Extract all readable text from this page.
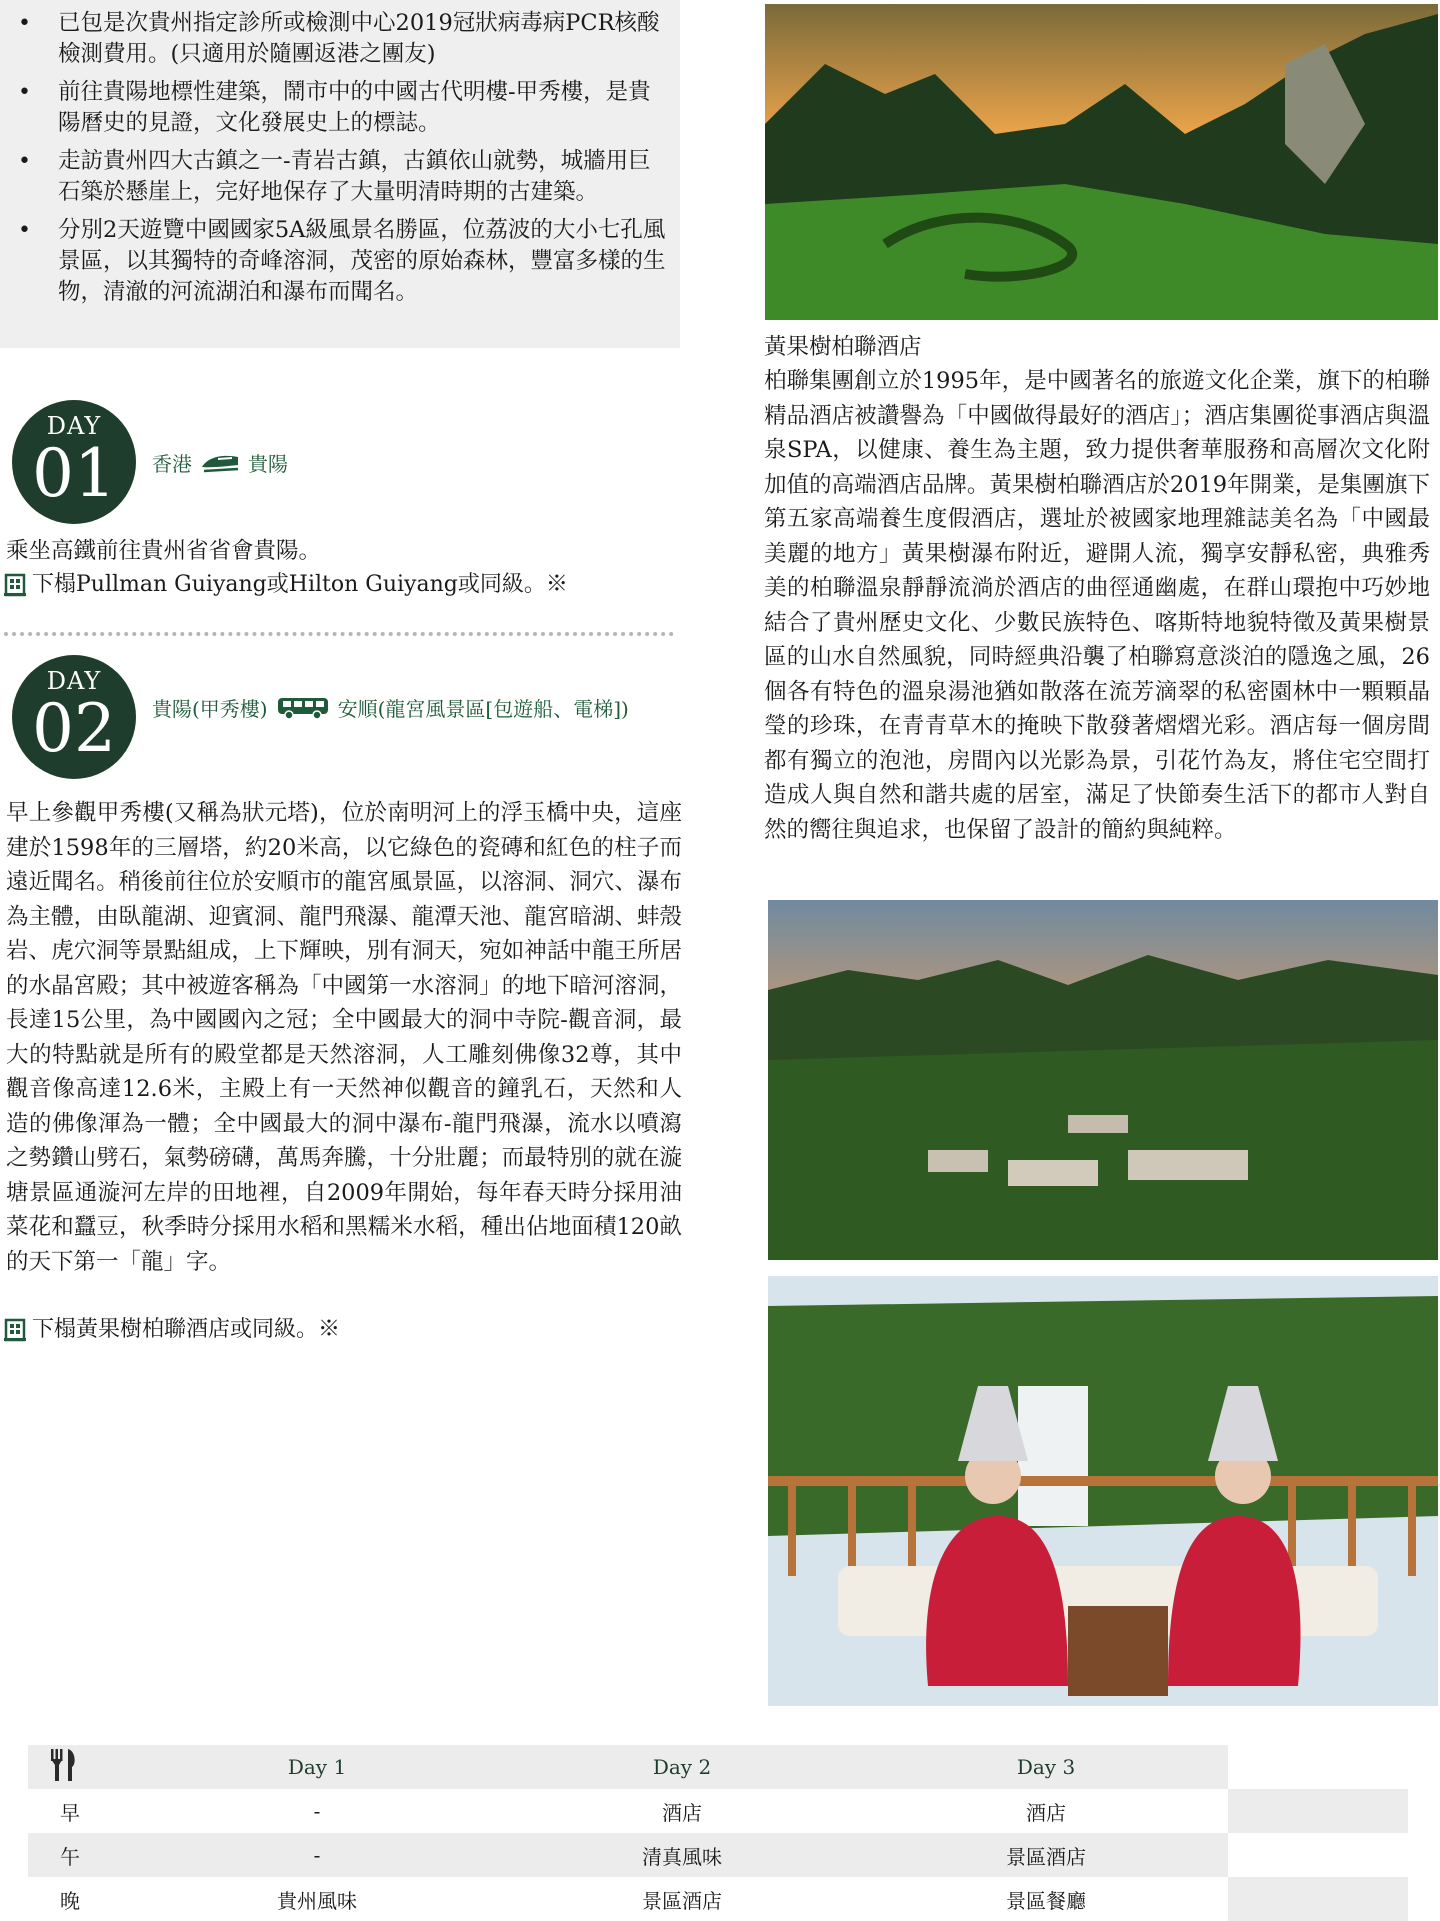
• 已包是次貴州指定診所或檢測中心2019冠狀病毒病PCR核酸檢測費用。(只適用於隨團返港之團友)
• 前往貴陽地標性建築，鬧市中的中國古代明樓-甲秀樓，是貴陽曆史的見證，文化發展史上的標誌。
• 走訪貴州四大古鎮之一-青岩古鎮，古鎮依山就勢，城牆用巨石築於懸崖上，完好地保存了大量明清時期的古建築。
• 分別2天遊覽中國國家5A級風景名勝區，位荔波的大小七孔風景區，以其獨特的奇峰溶洞，茂密的原始森林，豐富多樣的生物，清澈的河流湖泊和瀑布而聞名。
DAY
01	香港	貴陽
乘坐高鐵前往貴州省省會貴陽。
下榻Pullman Guiyang或Hilton Guiyang或同級。※
DAY
02	貴陽(甲秀樓)	安順(龍宮風景區[包遊船、電梯])
早上參觀甲秀樓(又稱為狀元塔)，位於南明河上的浮玉橋中央，這座建於1598年的三層塔，約20米高，以它綠色的瓷磚和紅色的柱子而遠近聞名。稍後前往位於安順市的龍宮風景區，以溶洞、洞穴、瀑布為主體，由臥龍湖、迎賓洞、龍門飛瀑、龍潭天池、龍宮暗湖、蚌殼岩、虎穴洞等景點組成，上下輝映，別有洞天，宛如神話中龍王所居的水晶宮殿；其中被遊客稱為「中國第一水溶洞」的地下暗河溶洞，長達15公里，為中國國內之冠；全中國最大的洞中寺院-觀音洞，最大的特點就是所有的殿堂都是天然溶洞，人工雕刻佛像32尊，其中觀音像高達12.6米，主殿上有一天然神似觀音的鐘乳石，天然和人造的佛像渾為一體；全中國最大的洞中瀑布-龍門飛瀑，流水以噴瀉之勢鑽山劈石，氣勢磅礴，萬馬奔騰，十分壯麗；而最特別的就在漩塘景區通漩河左岸的田地裡，自2009年開始，每年春天時分採用油菜花和蠶豆，秋季時分採用水稻和黑糯米水稻，種出佔地面積120畝的天下第一「龍」字。
下榻黃果樹柏聯酒店或同級。※
黃果樹柏聯酒店
柏聯集團創立於1995年，是中國著名的旅遊文化企業，旗下的柏聯精品酒店被讚譽為「中國做得最好的酒店」；酒店集團從事酒店與溫泉SPA，以健康、養生為主題，致力提供奢華服務和高層次文化附加值的高端酒店品牌。黃果樹柏聯酒店於2019年開業，是集團旗下第五家高端養生度假酒店，選址於被國家地理雜誌美名為「中國最美麗的地方」黃果樹瀑布附近，避開人流，獨享安靜私密，典雅秀美的柏聯溫泉靜靜流淌於酒店的曲徑通幽處，在群山環抱中巧妙地結合了貴州歷史文化、少數民族特色、喀斯特地貌特徵及黃果樹景區的山水自然風貌，同時經典沿襲了柏聯寫意淡泊的隱逸之風，26個各有特色的溫泉湯池猶如散落在流芳滴翠的私密園林中一顆顆晶瑩的珍珠，在青青草木的掩映下散發著熠熠光彩。酒店每一個房間都有獨立的泡池，房間內以光影為景，引花竹為友，將住宅空間打造成人與自然和諧共處的居室，滿足了快節奏生活下的都市人對自然的嚮往與追求，也保留了設計的簡約與純粹。
	Day 1	Day 2	Day 3	
早	-	酒店	酒店	
午	-	清真風味	景區酒店	
晚	貴州風味	景區酒店	景區餐廳	
